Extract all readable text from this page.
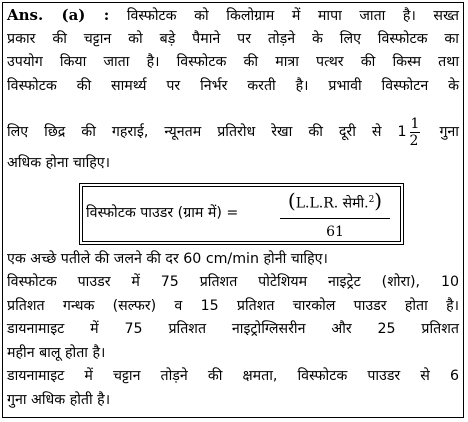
Ans. (a) : विस्फोटक को किलोग्राम में मापा जाता है। सख्त
प्रकार की चट्टान को बड़े पैमाने पर तोड़ने के लिए विस्फोटक का
उपयोग किया जाता है। विस्फोटक की मात्रा पत्थर की किस्म तथा
विस्फोटक की सामर्थ्य पर निर्भर करती है। प्रभावी विस्फोटन के
लिए छिद्र की गहराई, न्यूनतम प्रतिरोध रेखा की दूरी से $1 \frac{1}{2}$ गुना
अधिक होना चाहिए।
विस्फोटक पाउडर (ग्राम में) =
(L.L.R. सेमी.$^2$)
61
एक अच्छे पतीले की जलने की दर 60 cm/min होनी चाहिए।
विस्फोटक पाउडर में 75 प्रतिशत पोटेशियम नाइट्रेट (शोरा), 10
प्रतिशत गन्धक (सल्फर) व 15 प्रतिशत चारकोल पाउडर होता है।
डायनामाइट में 75 प्रतिशत नाइट्रोग्लिसरीन और 25 प्रतिशत
महीन बालू होता है।
डायनामाइट में चट्टान तोड़ने की क्षमता, विस्फोटक पाउडर से 6
गुना अधिक होती है।
